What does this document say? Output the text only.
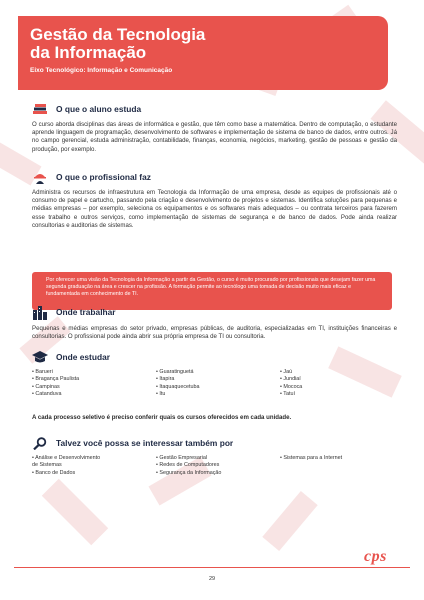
Gestão da Tecnologia
da Informação
Eixo Tecnológico: Informação e Comunicação
O que o aluno estuda

O curso aborda disciplinas das áreas de informática e gestão, que têm como base a matemática. Dentro de computação, o estudante aprende linguagem de programação, desenvolvimento de softwares e implementação de sistema de banco de dados, entre outros. Já no campo gerencial, estuda administração, contabilidade, finanças, economia, negócios, marketing, gestão de pessoas e gestão da produção, por exemplo.

O que o profissional faz

Administra os recursos de infraestrutura em Tecnologia da Informação de uma empresa, desde as equipes de profissionais até o consumo de papel e cartucho, passando pela criação e desenvolvimento de projetos e sistemas. Identifica soluções para pequenas e médias empresas – por exemplo, seleciona os equipamentos e os softwares mais adequados – ou contrata terceiros para fazerem esse trabalho e outros serviços, como implementação de sistemas de segurança e de banco de dados. Pode ainda realizar consultorias e auditorias de sistemas.

Por oferecer uma visão da Tecnologia da Informação a partir da Gestão, o curso é muito procurado por profissionais que desejam fazer uma segunda graduação na área e crescer na profissão. A formação permite ao tecnólogo uma tomada de decisão muito mais eficaz e fundamentada em conhecimento de TI.

Onde trabalhar

Pequenas e médias empresas do setor privado, empresas públicas, de auditoria, especializadas em TI, instituições financeiras e consultorias. O profissional pode ainda abrir sua própria empresa de TI ou consultoria.

Onde estudar
• Barueri
• Bragança Paulista
• Campinas
• Catanduva
• Guaratinguetá
• Itapira
• Itaquaquecetuba
• Itu
• Jaú
• Jundiaí
• Mococa
• Tatuí
A cada processo seletivo é preciso conferir quais os cursos oferecidos em cada unidade.
Talvez você possa se interessar também por
• Análise e Desenvolvimento
de Sistemas
• Banco de Dados
• Gestão Empresarial
• Redes de Computadores
• Segurança da Informação
• Sistemas para a Internet
cps
29
